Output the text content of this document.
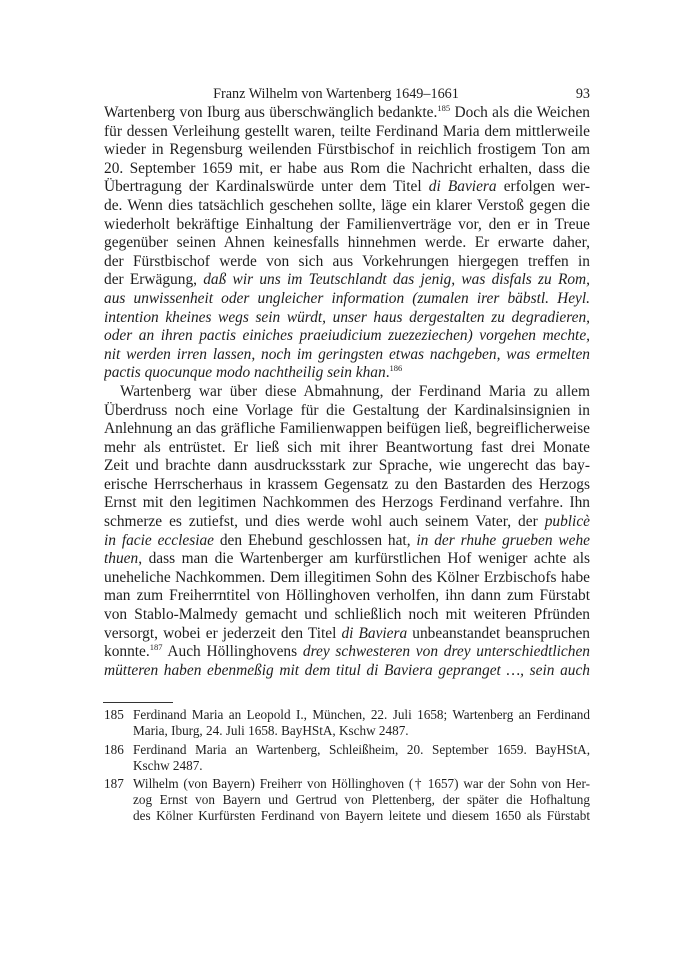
Franz Wilhelm von Wartenberg 1649–1661	93
Wartenberg von Iburg aus überschwänglich bedankte.$^{185}$ Doch als die Weichen
für dessen Verleihung gestellt waren, teilte Ferdinand Maria dem mittlerweile
wieder in Regensburg weilenden Fürstbischof in reichlich frostigem Ton am
20. September 1659 mit, er habe aus Rom die Nachricht erhalten, dass die
Übertragung der Kardinalswürde unter dem Titel di Baviera erfolgen wer-
de. Wenn dies tatsächlich geschehen sollte, läge ein klarer Verstoß gegen die
wiederholt bekräftige Einhaltung der Familienverträge vor, den er in Treue
gegenüber seinen Ahnen keinesfalls hinnehmen werde. Er erwarte daher,
der Fürstbischof werde von sich aus Vorkehrungen hiergegen treffen in
der Erwägung, daß wir uns im Teutschlandt das jenig, was disfals zu Rom,
aus unwissenheit oder ungleicher information (zumalen irer bäbstl. Heyl.
intention kheines wegs sein würdt, unser haus dergestalten zu degradieren,
oder an ihren pactis einiches praeiudicium zuezeziechen) vorgehen mechte,
nit werden irren lassen, noch im geringsten etwas nachgeben, was ermelten
pactis quocunque modo nachtheilig sein khan.$^{186}$
Wartenberg war über diese Abmahnung, der Ferdinand Maria zu allem
Überdruss noch eine Vorlage für die Gestaltung der Kardinalsinsignien in
Anlehnung an das gräfliche Familienwappen beifügen ließ, begreiflicherweise
mehr als entrüstet. Er ließ sich mit ihrer Beantwortung fast drei Monate
Zeit und brachte dann ausdrucksstark zur Sprache, wie ungerecht das bay-
erische Herrscherhaus in krassem Gegensatz zu den Bastarden des Herzogs
Ernst mit den legitimen Nachkommen des Herzogs Ferdinand verfahre. Ihn
schmerze es zutiefst, und dies werde wohl auch seinem Vater, der publicè
in facie ecclesiae den Ehebund geschlossen hat, in der rhuhe grueben wehe
thuen, dass man die Wartenberger am kurfürstlichen Hof weniger achte als
uneheliche Nachkommen. Dem illegitimen Sohn des Kölner Erzbischofs habe
man zum Freiherrntitel von Höllinghoven verholfen, ihn dann zum Fürstabt
von Stablo-Malmedy gemacht und schließlich noch mit weiteren Pfründen
versorgt, wobei er jederzeit den Titel di Baviera unbeanstandet beanspruchen
konnte.$^{187}$ Auch Höllinghovens drey schwesteren von drey unterschiedtlichen
mütteren haben ebenmeßig mit dem titul di Baviera gepranget …, sein auch
185 Ferdinand Maria an Leopold I., München, 22. Juli 1658; Wartenberg an Ferdinand
Maria, Iburg, 24. Juli 1658. BayHStA, Kschw 2487.
186 Ferdinand Maria an Wartenberg, Schleißheim, 20. September 1659. BayHStA,
Kschw 2487.
187 Wilhelm (von Bayern) Freiherr von Höllinghoven († 1657) war der Sohn von Her-
zog Ernst von Bayern und Gertrud von Plettenberg, der später die Hofhaltung
des Kölner Kurfürsten Ferdinand von Bayern leitete und diesem 1650 als Fürstabt
